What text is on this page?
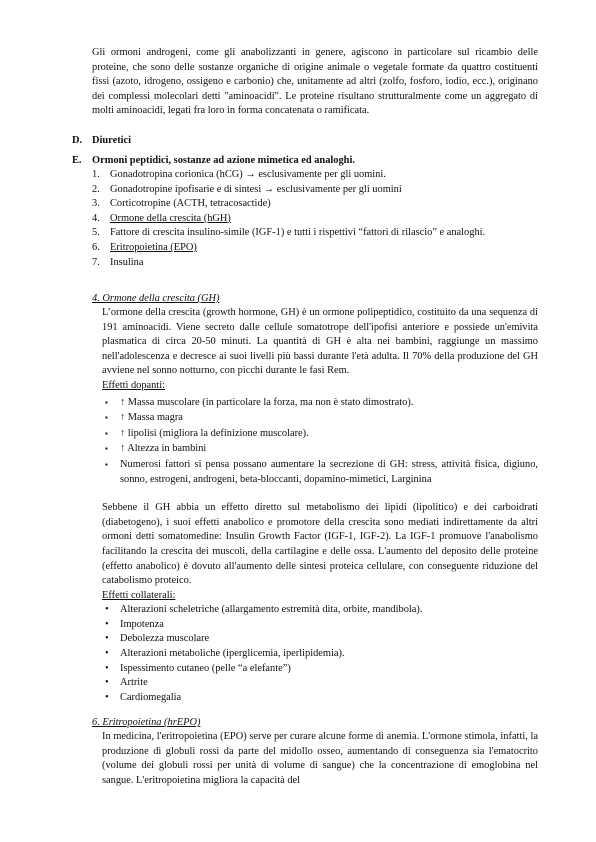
Gli ormoni androgeni, come gli anabolizzanti in genere, agiscono in particolare sul ricambio delle proteine, che sono delle sostanze organiche di origine animale o vegetale formate da quattro costituenti fissi (azoto, idrogeno, ossigeno e carbonio) che, unitamente ad altri (zolfo, fosforo, iodio, ecc.), originano dei complessi molecolari detti "aminoacidi". Le proteine risultano strutturalmente come un aggregato di molti aminoacidi, legati fra loro in forma concatenata o ramificata.

D. Diuretici
E. Ormoni peptidici, sostanze ad azione mimetica ed analoghi.
1. Gonadotropina corionica (hCG) → esclusivamente per gli uomini.
2. Gonadotropine ipofisarie e di sintesi → esclusivamente per gli uomini
3. Corticotropine (ACTH, tetracosactide)
4. Ormone della crescita (hGH)
5. Fattore di crescita insulino-simile (IGF-1) e tutti i rispettivi “fattori di rilascio” e analoghi.
6. Eritropoietina (EPO)
7. Insulina
4. Ormone della crescita (GH)

L’ormone della crescita (growth hormone, GH) è un ormone polipeptidico, costituito da una sequenza di 191 aminoacidi. Viene secreto dalle cellule somatotrope dell'ipofisi anteriore e possiede un'emivita plasmatica di circa 20-50 minuti. La quantità di GH è alta nei bambini, raggiunge un massimo nell'adolescenza e decresce ai suoi livelli più bassi durante l'età adulta. Il 70% della produzione del GH avviene nel sonno notturno, con picchi durante le fasi Rem.

Effetti dopanti:
▪ ↑ Massa muscolare (in particolare la forza, ma non è stato dimostrato).
▪ ↑ Massa magra
▪ ↑ lipolisi (migliora la definizione muscolare).
▪ ↑ Altezza in bambini
▪ Numerosi fattori si pensa possano aumentare la secrezione di GH: stress, attività fisica, digiuno, sonno, estrogeni, androgeni, beta-bloccanti, dopamino-mimetici, Larginina

Sebbene il GH abbia un effetto diretto sul metabolismo dei lipidi (lipolitico) e dei carboidrati (diabetogeno), i suoi effetti anabolico e promotore della crescita sono mediati indirettamente da altri ormoni detti somatomedine: Insulin Growth Factor (IGF-1, IGF-2). La IGF-1 promuove l'anabolismo facilitando la crescita dei muscoli, della cartilagine e delle ossa. L'aumento del deposito delle proteine (effetto anabolico) è dovuto all'aumento delle sintesi proteica cellulare, con conseguente riduzione del catabolismo proteico.

Effetti collaterali:
• Alterazioni scheletriche (allargamento estremità dita, orbite, mandibola).
• Impotenza
• Debolezza muscolare
• Alterazioni metaboliche (iperglicemia, iperlipidemia).
• Ispessimento cutaneo (pelle “a elefante”)
• Artrite
• Cardiomegalia
6. Eritropoietina (hrEPO)

In medicina, l'eritropoietina (EPO) serve per curare alcune forme di anemia. L'ormone stimola, infatti, la produzione di globuli rossi da parte del midollo osseo, aumentando di conseguenza sia l'ematocrito (volume dei globuli rossi per unità di volume di sangue) che la concentrazione di emoglobina nel sangue. L'eritropoietina migliora la capacità del
